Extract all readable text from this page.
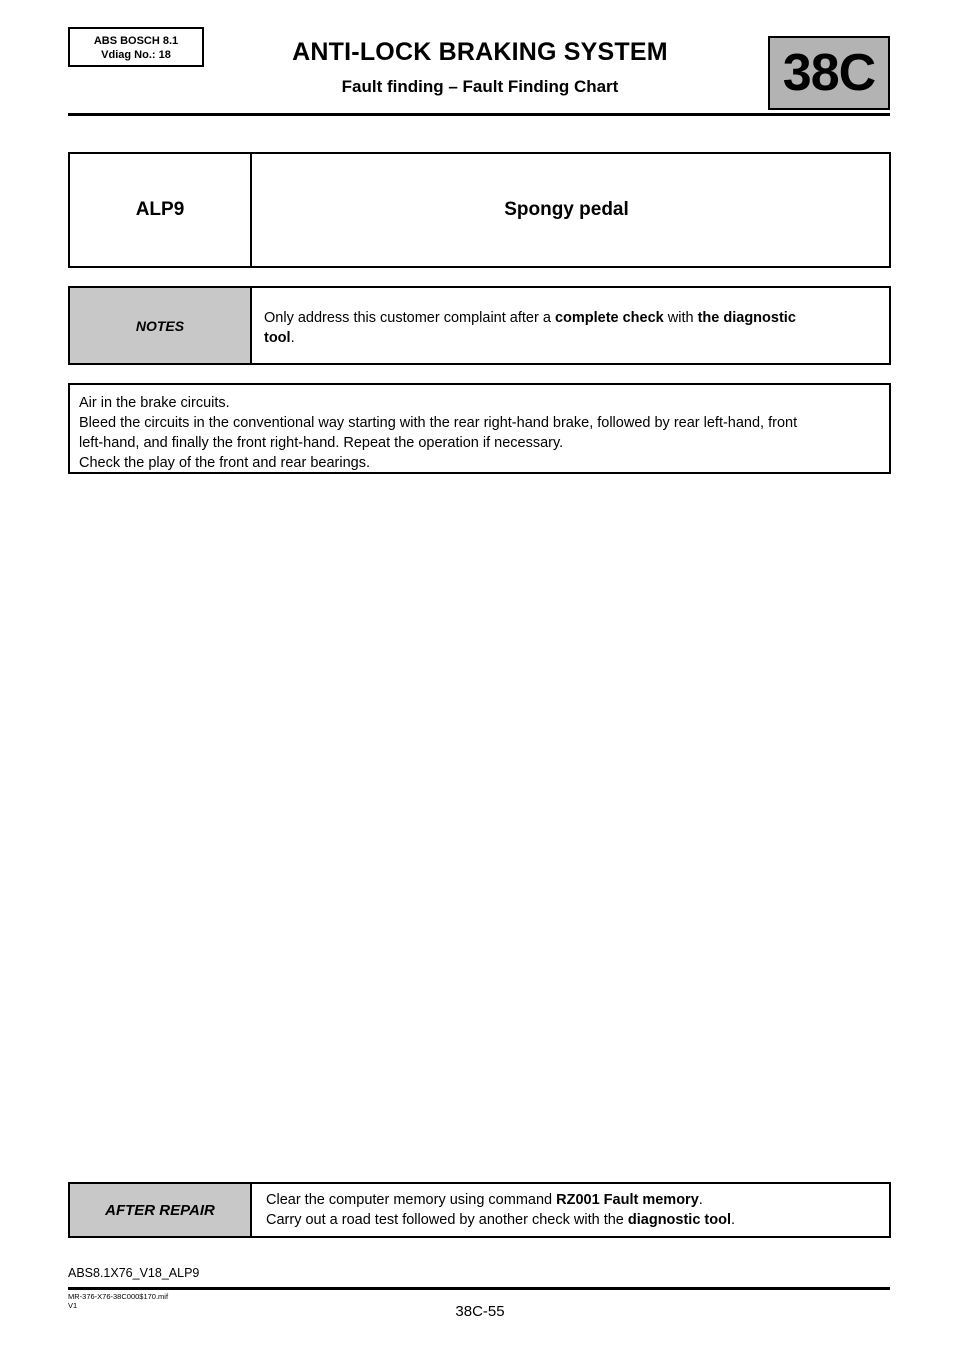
ABS BOSCH 8.1
Vdiag No.: 18	ANTI-LOCK BRAKING SYSTEM
Fault finding – Fault Finding Chart	38C
ALP9	Spongy pedal
NOTES	Only address this customer complaint after a complete check with the diagnostic
tool.
Air in the brake circuits.
Bleed the circuits in the conventional way starting with the rear right-hand brake, followed by rear left-hand, front
left-hand, and finally the front right-hand. Repeat the operation if necessary.
Check the play of the front and rear bearings.
AFTER REPAIR
Clear the computer memory using command RZ001 Fault memory.
Carry out a road test followed by another check with the diagnostic tool.
ABS8.1X76_V18_ALP9
MR-376-X76-38C000$170.mif
V1	38C-55
